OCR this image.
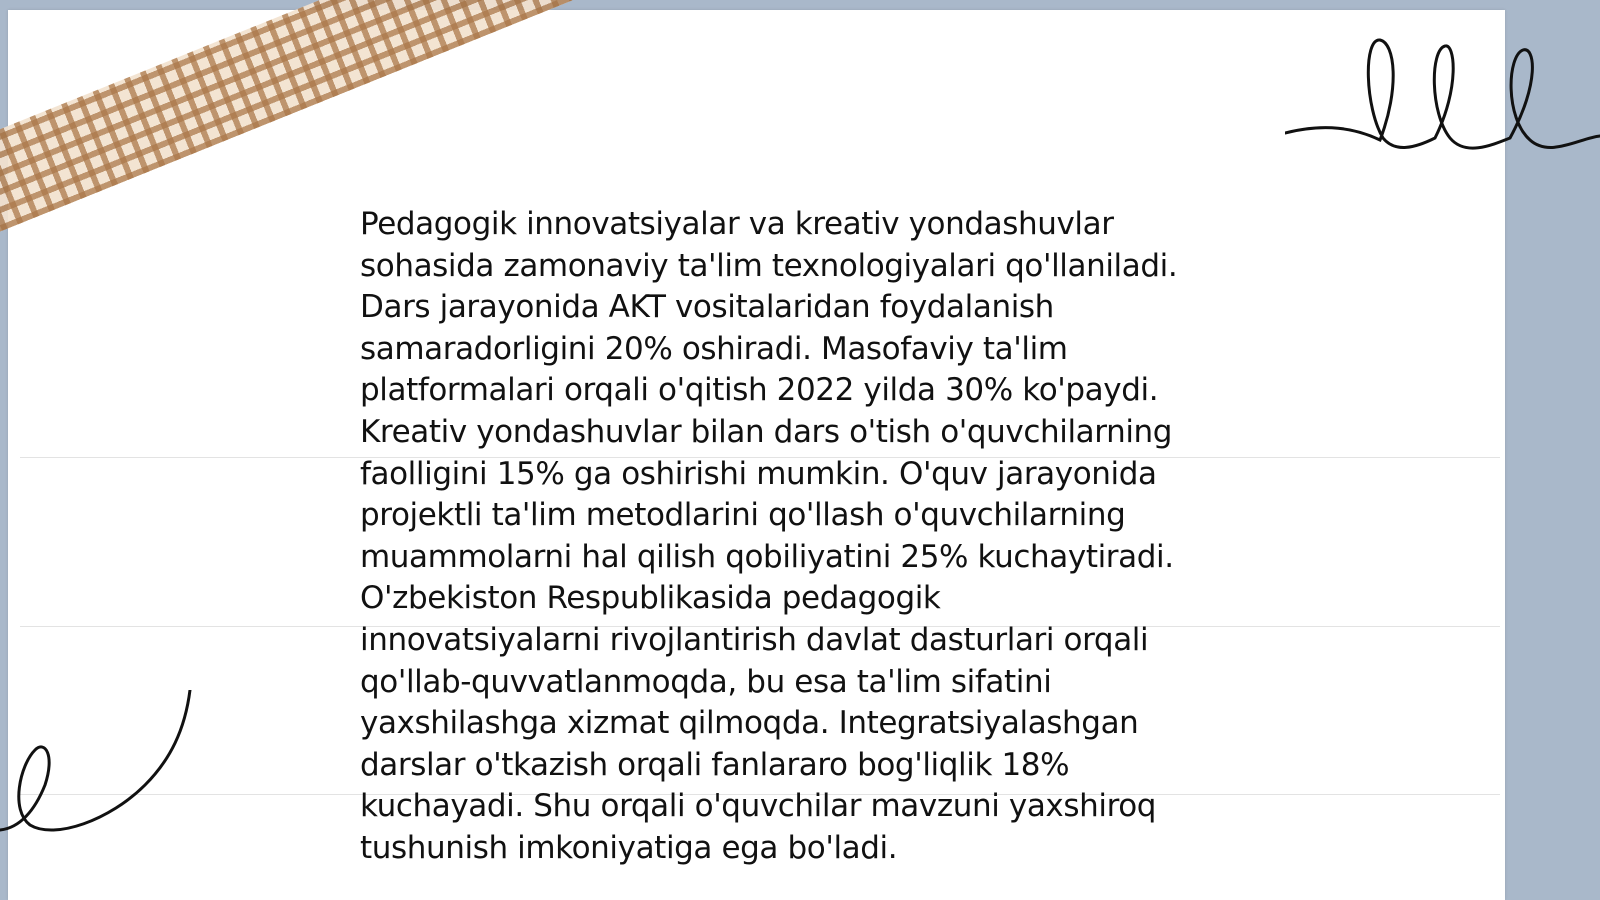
Pedagogik innovatsiyalar va kreativ yondashuvlar
sohasida zamonaviy ta'lim texnologiyalari qo'llaniladi.
Dars jarayonida AKT vositalaridan foydalanish
samaradorligini 20% oshiradi. Masofaviy ta'lim
platformalari orqali o'qitish 2022 yilda 30% ko'paydi.
Kreativ yondashuvlar bilan dars o'tish o'quvchilarning
faolligini 15% ga oshirishi mumkin. O'quv jarayonida
projektli ta'lim metodlarini qo'llash o'quvchilarning
muammolarni hal qilish qobiliyatini 25% kuchaytiradi.
O'zbekiston Respublikasida pedagogik
innovatsiyalarni rivojlantirish davlat dasturlari orqali
qo'llab-quvvatlanmoqda, bu esa ta'lim sifatini
yaxshilashga xizmat qilmoqda. Integratsiyalashgan
darslar o'tkazish orqali fanlararo bog'liqlik 18%
kuchayadi. Shu orqali o'quvchilar mavzuni yaxshiroq
tushunish imkoniyatiga ega bo'ladi.
